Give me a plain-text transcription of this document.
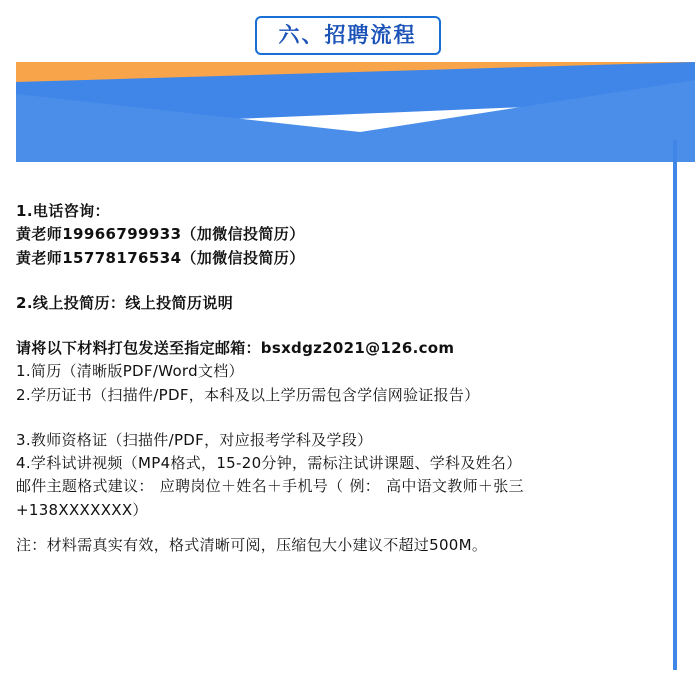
六、招聘流程

1.电话咨询：

黄老师19966799933（加微信投简历）

黄老师15778176534（加微信投简历）

2.线上投简历：线上投简历说明

请将以下材料打包发送至指定邮箱：bsxdgz2021@126.com

1.简历（清晰版PDF/Word文档）

2.学历证书（扫描件/PDF，本科及以上学历需包含学信网验证报告）

3.教师资格证（扫描件/PDF，对应报考学科及学段）

4.学科试讲视频（MP4格式，15-20分钟，需标注试讲课题、学科及姓名）

邮件主题格式建议： 应聘岗位＋姓名＋手机号（ 例： 高中语文教师＋张三

+138XXXXXXX）

注：材料需真实有效，格式清晰可阅，压缩包大小建议不超过500M。
